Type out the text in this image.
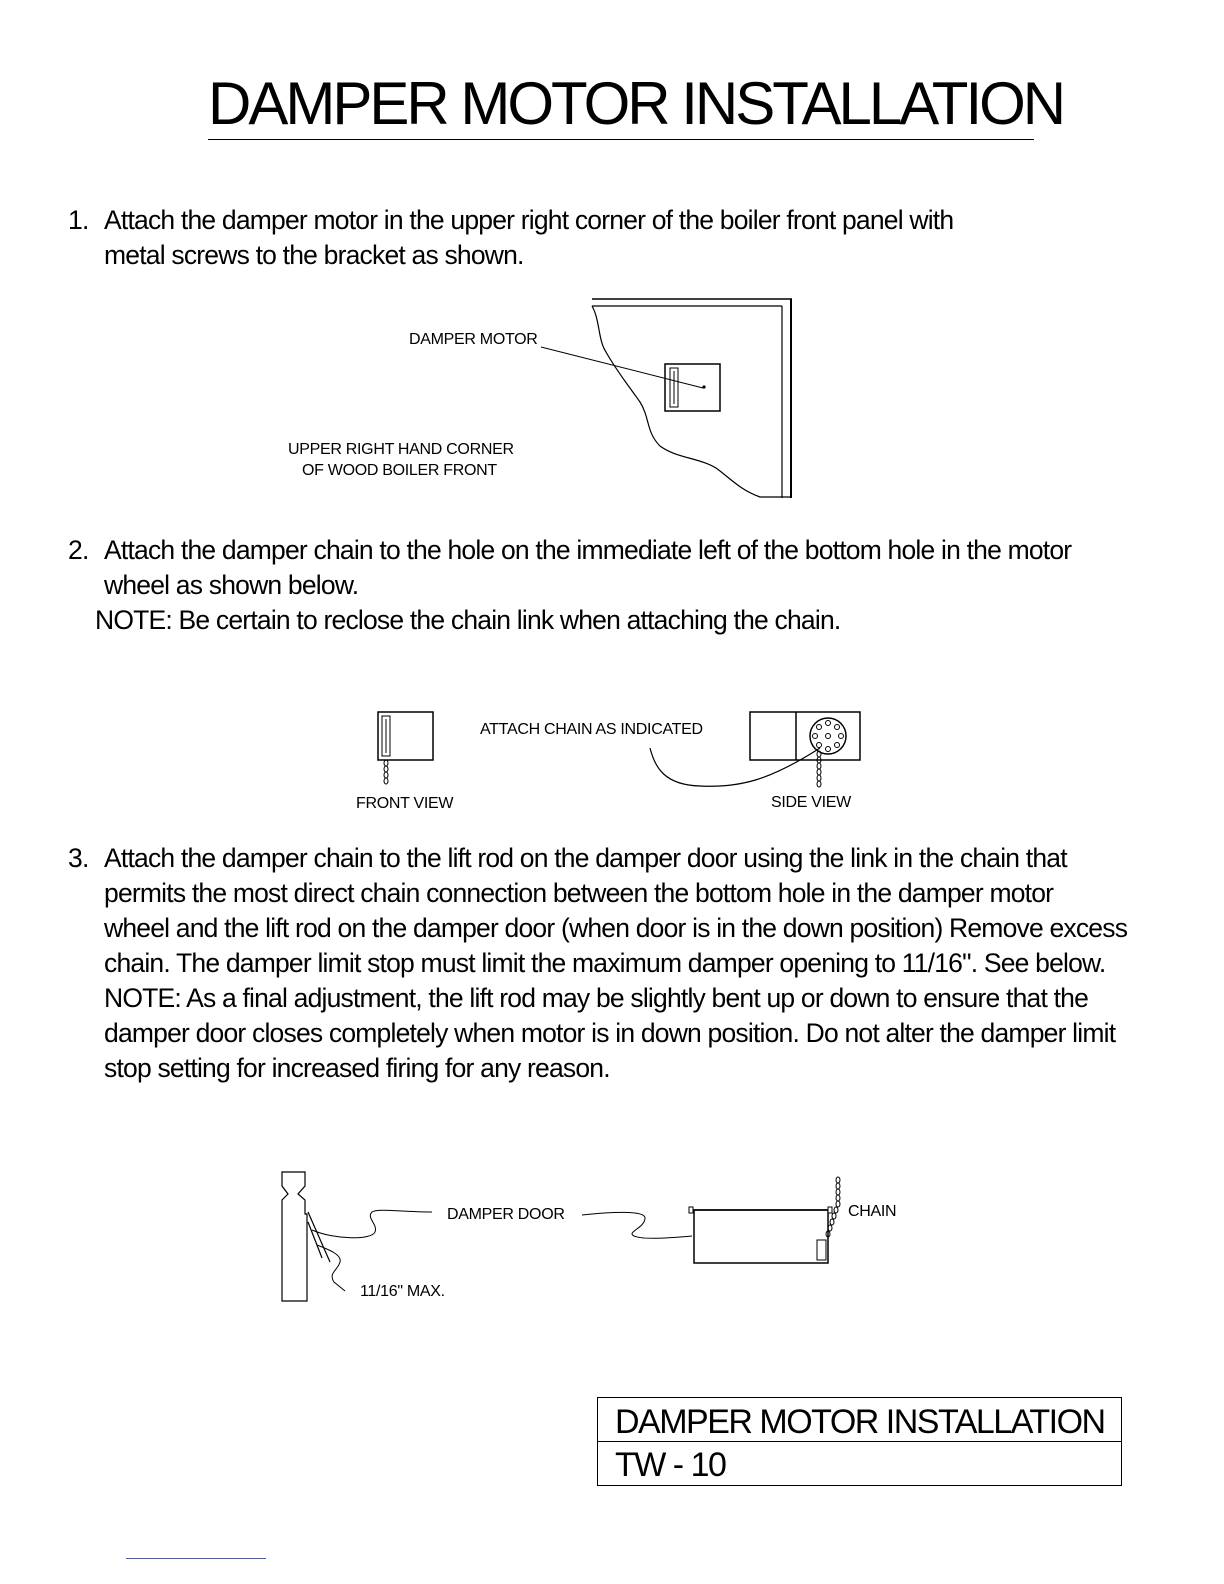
DAMPER MOTOR INSTALLATION
1. Attach the damper motor in the upper right corner of the boiler front panel with
metal screws to the bracket as shown.
DAMPER MOTOR
UPPER RIGHT HAND CORNER
OF WOOD BOILER FRONT
2. Attach the damper chain to the hole on the immediate left of the bottom hole in the motor
wheel as shown below.
NOTE: Be certain to reclose the chain link when attaching the chain.
ATTACH CHAIN AS INDICATED
FRONT VIEW	SIDE VIEW
3. Attach the damper chain to the lift rod on the damper door using the link in the chain that
permits the most direct chain connection between the bottom hole in the damper motor
wheel and the lift rod on the damper door (when door is in the down position) Remove excess
chain. The damper limit stop must limit the maximum damper opening to 11/16". See below.
NOTE: As a final adjustment, the lift rod may be slightly bent up or down to ensure that the
damper door closes completely when motor is in down position. Do not alter the damper limit
stop setting for increased firing for any reason.
DAMPER DOOR	CHAIN
11/16" MAX.
DAMPER MOTOR INSTALLATION
TW - 10
